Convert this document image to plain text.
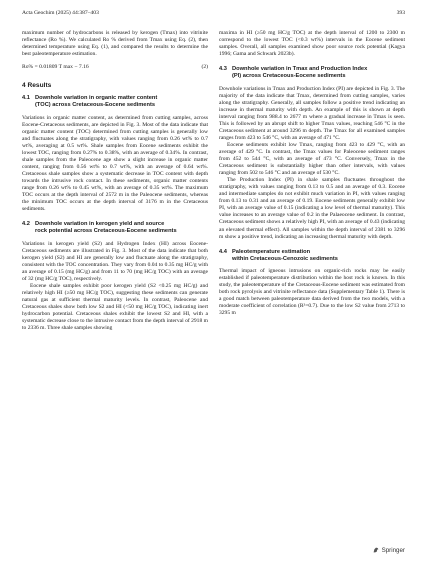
Acta Geochim (2025) 44:387–403	393

maximum number of hydrocarbons is released by kerogen (Tmax) into vitrinite reflectance (Ro %). We calculated Ro % derived from Tmax using Eq. (2), then determined temperature using Eq. (1), and compared the results to determine the best paleotemperature estimation.

Ro% = 0.01809 T max − 7.16	(2)
4 Results
4.1 Downhole variation in organic matter content
(TOC) across Cretaceous-Eocene sediments

Variations in organic matter content, as determined from cutting samples, across Eocene-Cretaceous sediments, are depicted in Fig. 3. Most of the data indicate that organic matter content (TOC) determined from cutting samples is generally low and fluctuates along the stratigraphy, with values ranging from 0.26 wt% to 0.7 wt%, averaging at 0.5 wt%. Shale samples from Eocene sediments exhibit the lowest TOC, ranging from 0.27% to 0.38%, with an average of 0.34%. In contrast, shale samples from the Paleocene age show a slight increase in organic matter content, ranging from 0.56 wt% to 0.7 wt%, with an average of 0.64 wt%. Cretaceous shale samples show a systematic decrease in TOC content with depth towards the intrusive rock contact. In these sediments, organic matter contents range from 0.26 wt% to 0.45 wt%, with an average of 0.35 wt%. The maximum TOC occurs at the depth interval of 2572 m in the Paleocene sediments, whereas the minimum TOC occurs at the depth interval of 3176 m in the Cretaceous sediments.

4.2 Downhole variation in kerogen yield and source
rock potential across Cretaceous-Eocene sediments

Variations in kerogen yield (S2) and Hydrogen Index (HI) across Eocene-Cretaceous sediments are illustrated in Fig. 3. Most of the data indicate that both kerogen yield (S2) and HI are generally low and fluctuate along the stratigraphy, consistent with the TOC concentration. They vary from 0.04 to 0.35 mg HC/g with an average of 0.15 (mg HC/g) and from 11 to 70 (mg HC/g TOC) with an average of 32 (mg HC/g TOC), respectively.

Eocene shale samples exhibit poor kerogen yield (S2 <0.25 mg HC/g) and relatively high HI (≥50 mg HC/g TOC), suggesting these sediments can generate natural gas at sufficient thermal maturity levels. In contrast, Paleocene and Cretaceous shales show both low S2 and HI (<50 mg HC/g TOC), indicating inert hydrocarbon potential. Cretaceous shales exhibit the lowest S2 and HI, with a systematic decrease close to the intrusive contact from the depth interval of 2918 m to 2336 m. Three shale samples showing

maxima in HI (≥50 mg HC/g TOC) at the depth interval of 1200 to 2300 m correspond to the lowest TOC (<0.3 wt%) intervals in the Eocene sediment samples. Overall, all samples examined show poor source rock potential (Kagya 1996; Gama and Schwark 2023b).

4.3 Downhole variation in Tmax and Production Index
(PI) across Cretaceous-Eocene sediments

Downhole variations in Tmax and Production Index (PI) are depicted in Fig. 3. The majority of the data indicate that Tmax, determined from cutting samples, varies along the stratigraphy. Generally, all samples follow a positive trend indicating an increase in thermal maturity with depth. An example of this is shown at depth interval ranging from 988.4 to 2677 m where a gradual increase in Tmax is seen. This is followed by an abrupt shift to higher Tmax values, reaching 546 °C in the Cretaceous sediment at around 3296 m depth. The Tmax for all examined samples ranges from 423 to 546 °C, with an average of 471 °C.

Eocene sediments exhibit low Tmax, ranging from 423 to 429 °C, with an average of 429 °C. In contrast, the Tmax values for Paleocene sediment ranges from 452 to 544 °C, with an average of 473 °C. Conversely, Tmax in the Cretaceous sediment is substantially higher than other intervals, with values ranging from 502 to 546 °C and an average of 530 °C.

The Production Index (PI) in shale samples fluctuates throughout the stratigraphy, with values ranging from 0.13 to 0.5 and an average of 0.3. Eocene and intermediate samples do not exhibit much variation in PI, with values ranging from 0.13 to 0.31 and an average of 0.19. Eocene sediments generally exhibit low PI, with an average value of 0.15 (indicating a low level of thermal maturity). This value increases to an average value of 0.2 in the Palaeocene sediment. In contrast, Cretaceous sediment shows a relatively high PI, with an average of 0.43 (indicating an elevated thermal effect). All samples within the depth interval of 2381 to 3296 m show a positive trend, indicating an increasing thermal maturity with depth.

4.4 Paleotemperature estimation
within Cretaceous-Cenozoic sediments

Thermal impact of igneous intrusions on organic-rich rocks may be easily established if paleotemperature distribution within the host rock is known. In this study, the paleotemperature of the Cretaceous-Eocene sediment was estimated from both rock pyrolysis and vitrinite reflectance data (Supplementary Table 1). There is a good match between paleotemperature data derived from the two models, with a moderate coefficient of correlation (R²=0.7). Due to the low S2 value from 2713 to 3295 m

Springer
